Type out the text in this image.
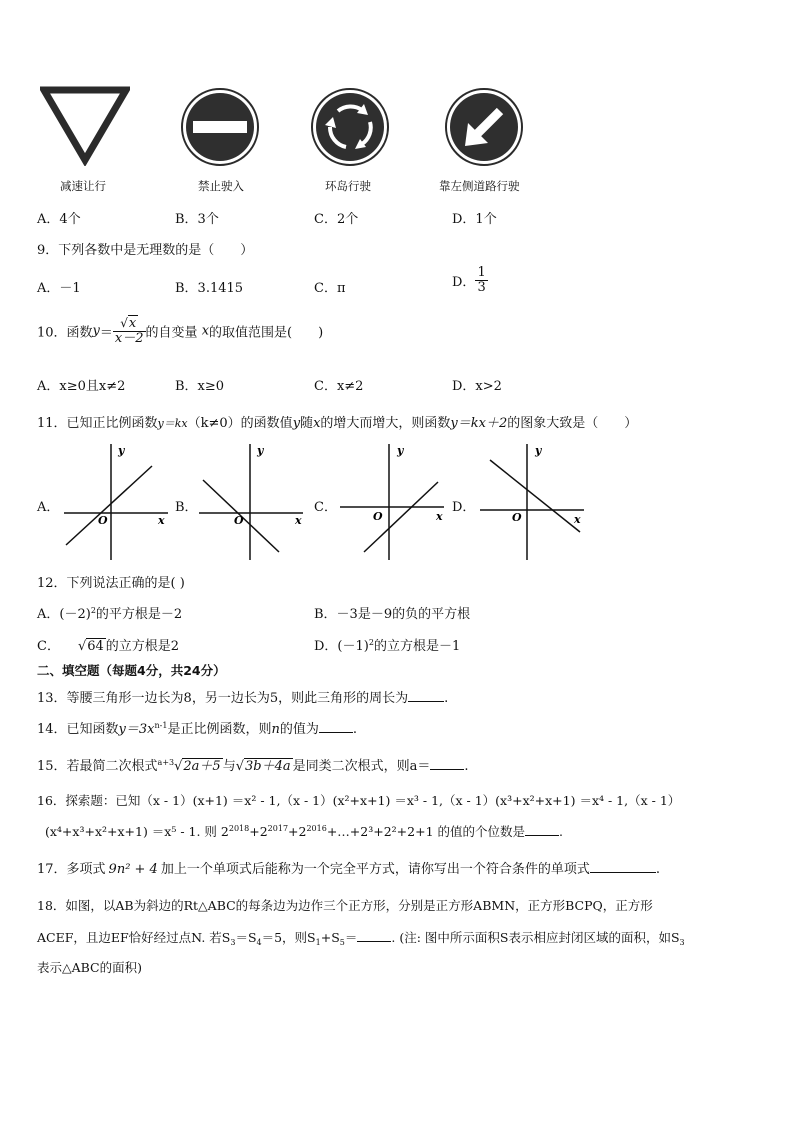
减速让行	禁止驶入	环岛行驶	靠左侧道路行驶
A．4个	B．3个	C．2个	D．1个
9．下列各数中是无理数的是（　　）
A．－1	B．3.1415	C．π	D． $\frac{1}{3}$
10．函数$y= \frac{√x}{x-2}$ 的自变量 x的取值范围是(　　)
A．x≥0且x≠2	B．x≥0	C．x≠2	D．x>2
11．已知正比例函数y＝kx（k≠0）的函数值y随x的增大而增大，则函数y＝kx＋2的图象大致是（　　）
A．
x
y
O
B．
x
y
O
C．
x
y
O
D．
x
y
O
12．下列说法正确的是( )
A．$(-2)^2$的平方根是－2	B．－3是－9的负的平方根
C． √64 的立方根是2	D．$(-1)^2$的立方根是－1
二、填空题（每题4分，共24分）
13．等腰三角形一边长为8，另一边长为5，则此三角形的周长为	.
14．已知函数$y=3x^{n-1}$是正比例函数，则n的值为	.
15．若最简二次根式$^{a+3}$√2a＋5 与√3b＋4a 是同类二次根式，则a＝	.
16．探索题：已知（x - 1）(x+1) ＝x² - 1,（x - 1）(x²+x+1) ＝x³ - 1,（x - 1）(x³+x²+x+1) ＝x⁴ - 1,（x - 1）
(x⁴+x³+x²+x+1) ＝x⁵ - 1. 则 $2^{2018}+2^{2017}+2^{2016}+\dots+2^3+2^2+2+1$ 的值的个位数是	.
17．多项式 9n² + 4 加上一个单项式后能称为一个完全平方式，请你写出一个符合条件的单项式	.
18．如图，以AB为斜边的Rt△ABC的每条边为边作三个正方形，分别是正方形ABMN，正方形BCPQ，正方形
ACEF，且边EF恰好经过点N. 若$S_3=S_4=5$，则$S_1+S_5=$	. (注: 图中所示面积S表示相应封闭区域的面积，如$S_3$
表示△ABC的面积)
